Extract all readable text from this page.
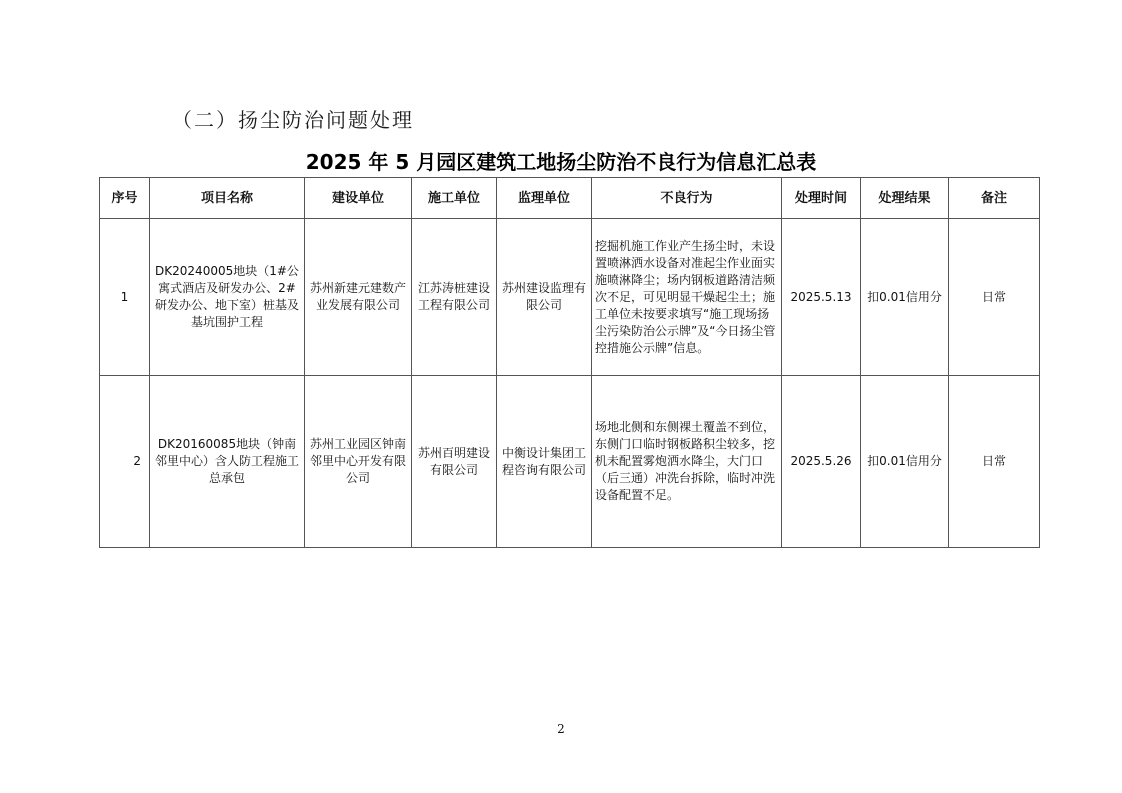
（二）扬尘防治问题处理
2025 年 5 月园区建筑工地扬尘防治不良行为信息汇总表
序号	项目名称	建设单位	施工单位	监理单位	不良行为	处理时间	处理结果	备注
1	DK20240005地块（1#公寓式酒店及研发办公、2#研发办公、地下室）桩基及基坑围护工程	苏州新建元建数产业发展有限公司	江苏涛桩建设工程有限公司	苏州建设监理有限公司	挖掘机施工作业产生扬尘时，未设置喷淋洒水设备对准起尘作业面实施喷淋降尘；场内钢板道路清洁频次不足，可见明显干燥起尘土；施工单位未按要求填写“施工现场扬尘污染防治公示牌”及“今日扬尘管控措施公示牌”信息。	2025.5.13	扣0.01信用分	日常
2	DK20160085地块（钟南邻里中心）含人防工程施工总承包	苏州工业园区钟南邻里中心开发有限公司	苏州百明建设有限公司	中衡设计集团工程咨询有限公司	场地北侧和东侧裸土覆盖不到位，东侧门口临时钢板路积尘较多，挖机未配置雾炮洒水降尘，大门口（后三通）冲洗台拆除，临时冲洗设备配置不足。	2025.5.26	扣0.01信用分	日常
2
